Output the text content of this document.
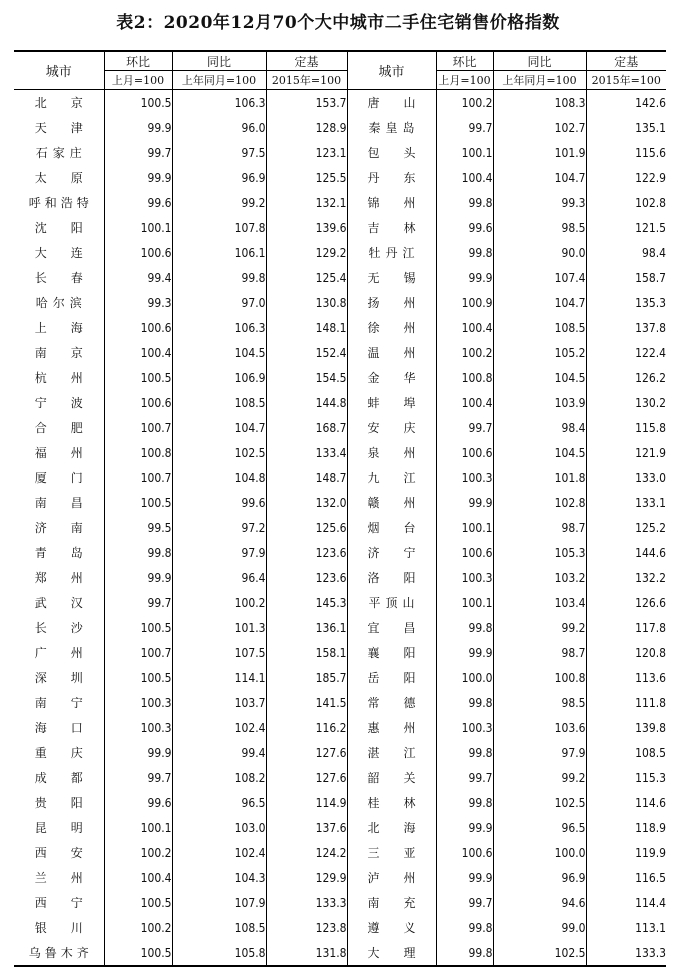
表2：2020年12月70个大中城市二手住宅销售价格指数
城市	环比	同比	定基	城市	环比	同比	定基
	上月=100	上年同月=100	2015年=100		上月=100	上年同月=100	2015年=100

北 京	100.5	106.3	153.7	唐 山	100.2	108.3	142.6

天 津	99.9	96.0	128.9	秦 皇 岛	99.7	102.7	135.1

石 家 庄	99.7	97.5	123.1	包 头	100.1	101.9	115.6

太 原	99.9	96.9	125.5	丹 东	100.4	104.7	122.9

呼 和 浩 特	99.6	99.2	132.1	锦 州	99.8	99.3	102.8

沈 阳	100.1	107.8	139.6	吉 林	99.6	98.5	121.5

大 连	100.6	106.1	129.2	牡 丹 江	99.8	90.0	98.4

长 春	99.4	99.8	125.4	无 锡	99.9	107.4	158.7

哈 尔 滨	99.3	97.0	130.8	扬 州	100.9	104.7	135.3

上 海	100.6	106.3	148.1	徐 州	100.4	108.5	137.8

南 京	100.4	104.5	152.4	温 州	100.2	105.2	122.4

杭 州	100.5	106.9	154.5	金 华	100.8	104.5	126.2

宁 波	100.6	108.5	144.8	蚌 埠	100.4	103.9	130.2

合 肥	100.7	104.7	168.7	安 庆	99.7	98.4	115.8

福 州	100.8	102.5	133.4	泉 州	100.6	104.5	121.9

厦 门	100.7	104.8	148.7	九 江	100.3	101.8	133.0

南 昌	100.5	99.6	132.0	赣 州	99.9	102.8	133.1

济 南	99.5	97.2	125.6	烟 台	100.1	98.7	125.2

青 岛	99.8	97.9	123.6	济 宁	100.6	105.3	144.6

郑 州	99.9	96.4	123.6	洛 阳	100.3	103.2	132.2

武 汉	99.7	100.2	145.3	平 顶 山	100.1	103.4	126.6

长 沙	100.5	101.3	136.1	宜 昌	99.8	99.2	117.8

广 州	100.7	107.5	158.1	襄 阳	99.9	98.7	120.8

深 圳	100.5	114.1	185.7	岳 阳	100.0	100.8	113.6

南 宁	100.3	103.7	141.5	常 德	99.8	98.5	111.8

海 口	100.3	102.4	116.2	惠 州	100.3	103.6	139.8

重 庆	99.9	99.4	127.6	湛 江	99.8	97.9	108.5

成 都	99.7	108.2	127.6	韶 关	99.7	99.2	115.3

贵 阳	99.6	96.5	114.9	桂 林	99.8	102.5	114.6

昆 明	100.1	103.0	137.6	北 海	99.9	96.5	118.9

西 安	100.2	102.4	124.2	三 亚	100.6	100.0	119.9

兰 州	100.4	104.3	129.9	泸 州	99.9	96.9	116.5

西 宁	100.5	107.9	133.3	南 充	99.7	94.6	114.4

银 川	100.2	108.5	123.8	遵 义	99.8	99.0	113.1

乌 鲁 木 齐	100.5	105.8	131.8	大 理	99.8	102.5	133.3
